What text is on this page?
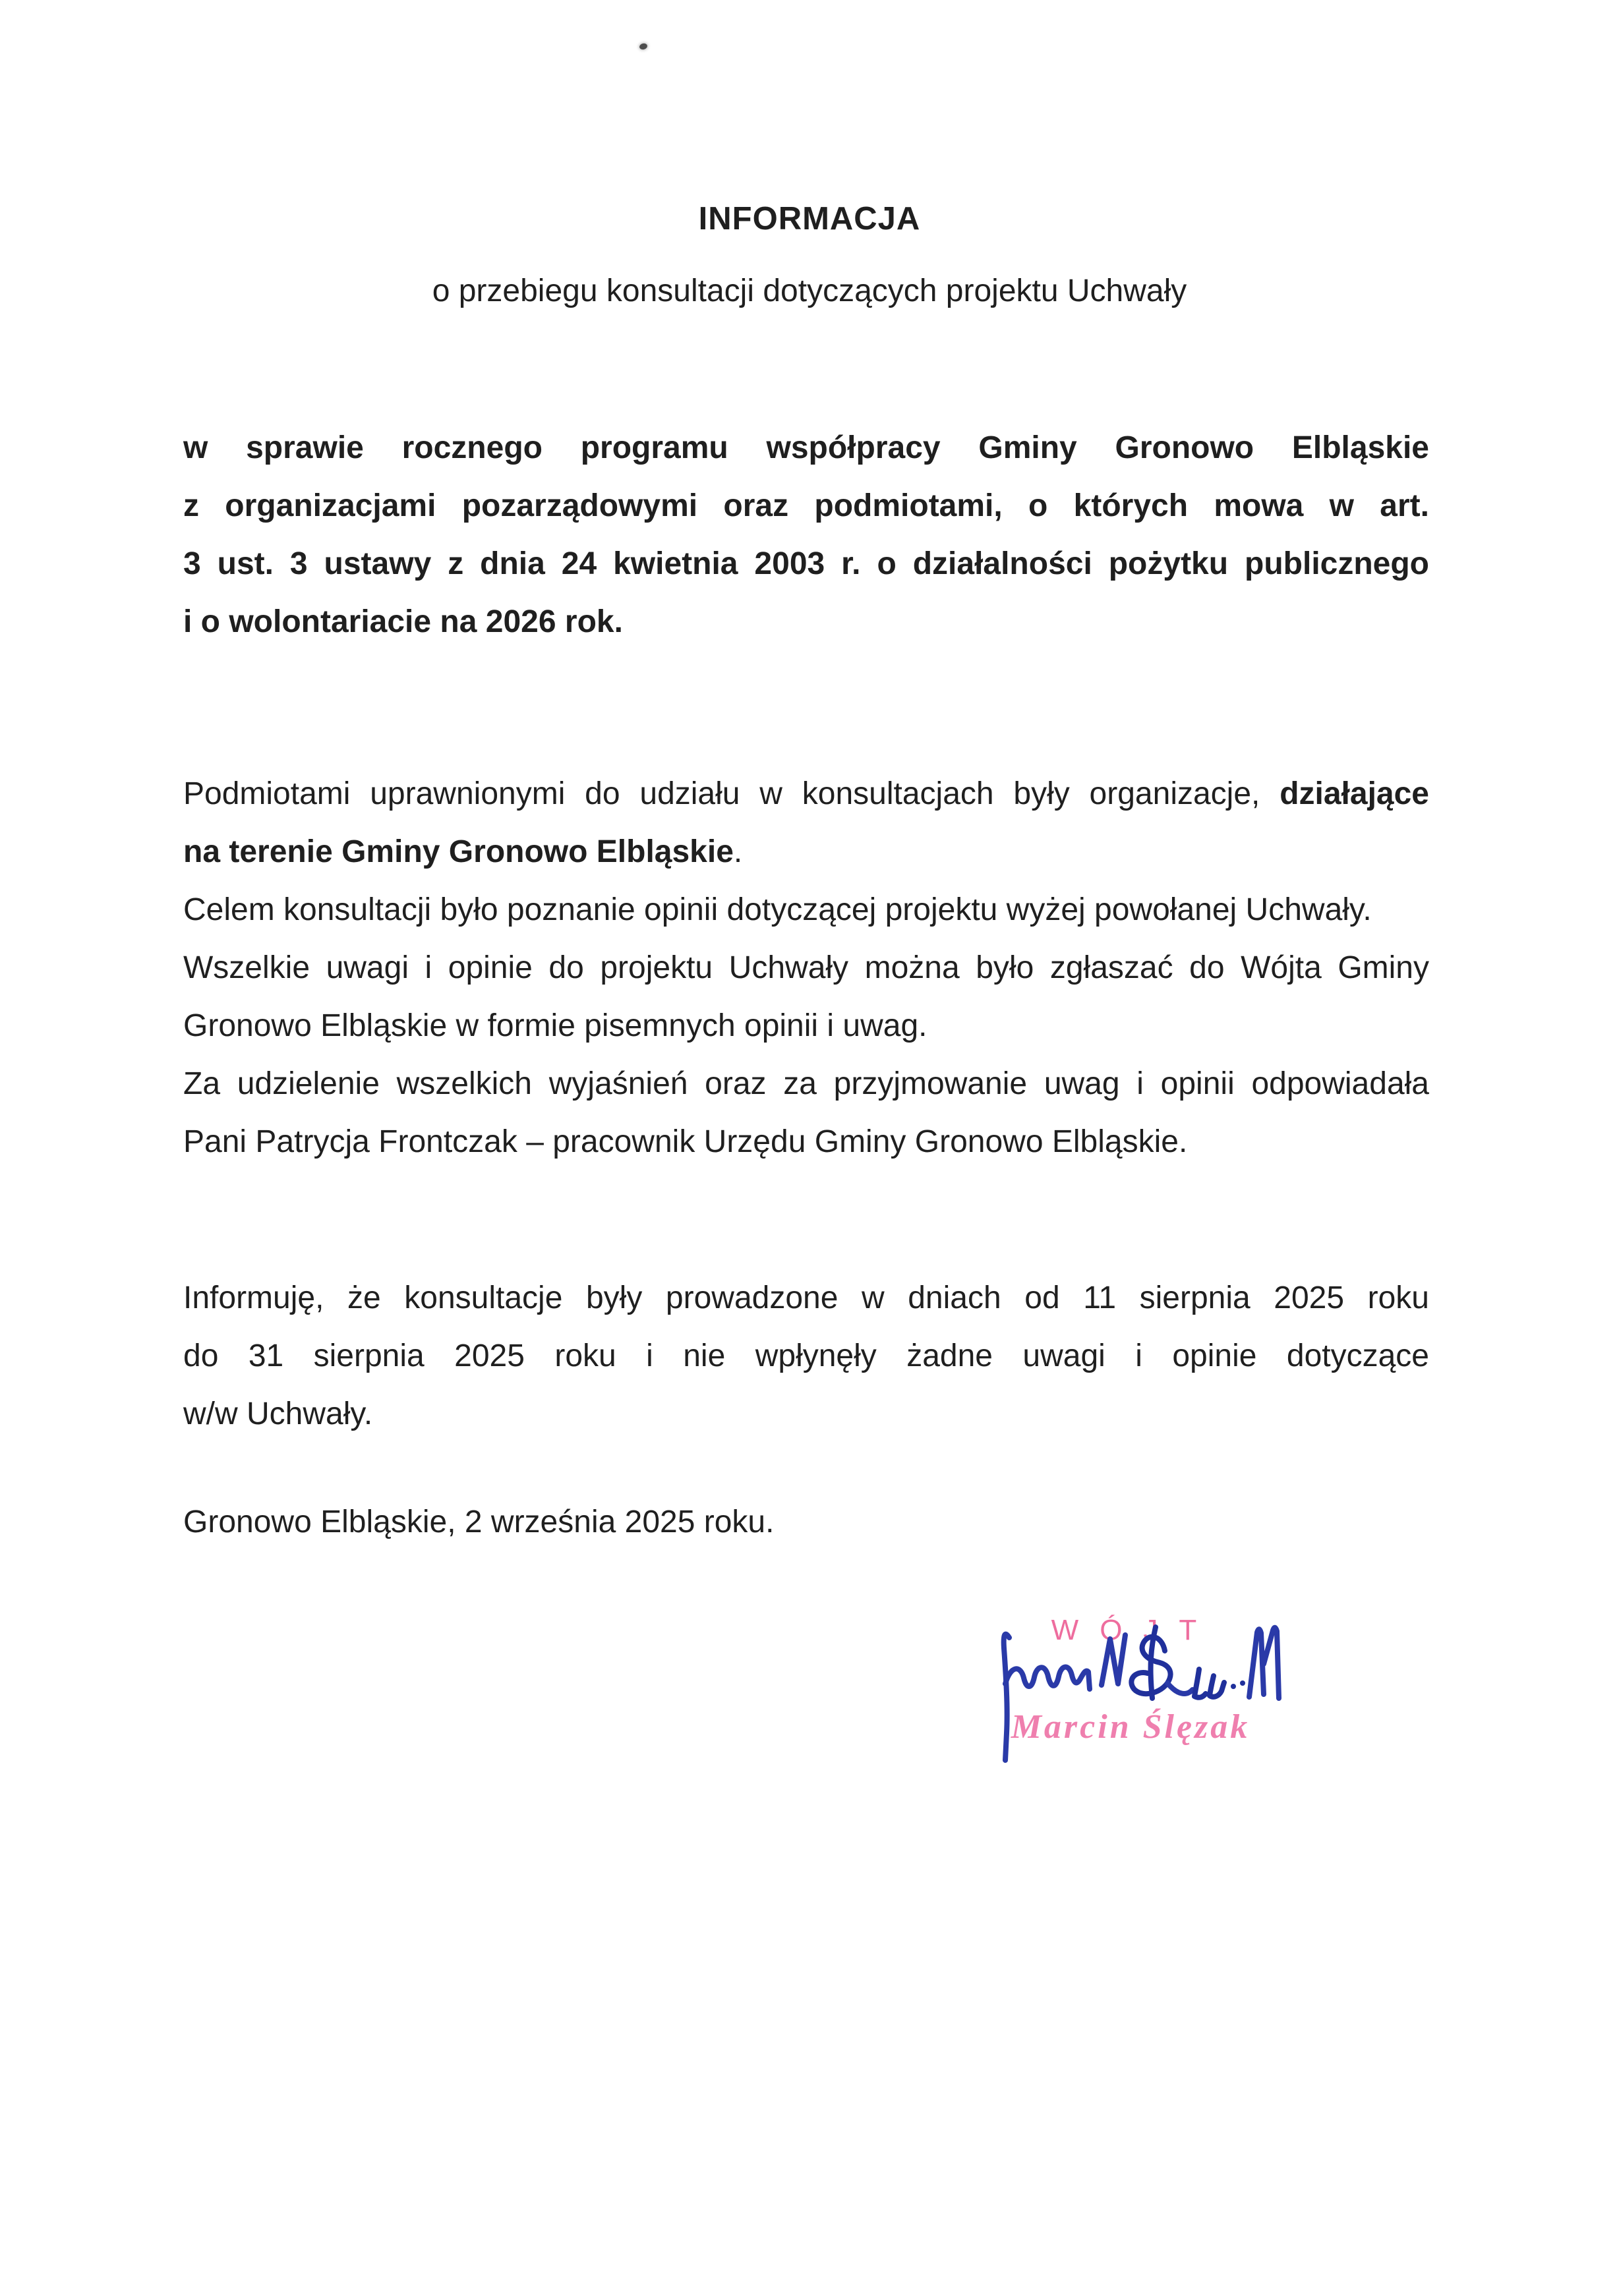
INFORMACJA
o przebiegu konsultacji dotyczących projektu Uchwały
w sprawie rocznego programu współpracy Gminy Gronowo Elbląskie
z organizacjami pozarządowymi oraz podmiotami, o których mowa w art.
3 ust. 3 ustawy z dnia 24 kwietnia 2003 r. o działalności pożytku publicznego
i o wolontariacie na 2026 rok.
Podmiotami uprawnionymi do udziału w konsultacjach były organizacje, działające
na terenie Gminy Gronowo Elbląskie.
Celem konsultacji było poznanie opinii dotyczącej projektu wyżej powołanej Uchwały.
Wszelkie uwagi i opinie do projektu Uchwały można było zgłaszać do Wójta Gminy
Gronowo Elbląskie w formie pisemnych opinii i uwag.
Za udzielenie wszelkich wyjaśnień oraz za przyjmowanie uwag i opinii odpowiadała
Pani Patrycja Frontczak – pracownik Urzędu Gminy Gronowo Elbląskie.
Informuję, że konsultacje były prowadzone w dniach od 11 sierpnia 2025 roku
do 31 sierpnia 2025 roku i nie wpłynęły żadne uwagi i opinie dotyczące
w/w Uchwały.
Gronowo Elbląskie, 2 września 2025 roku.
WÓJT
Marcin Ślęzak
